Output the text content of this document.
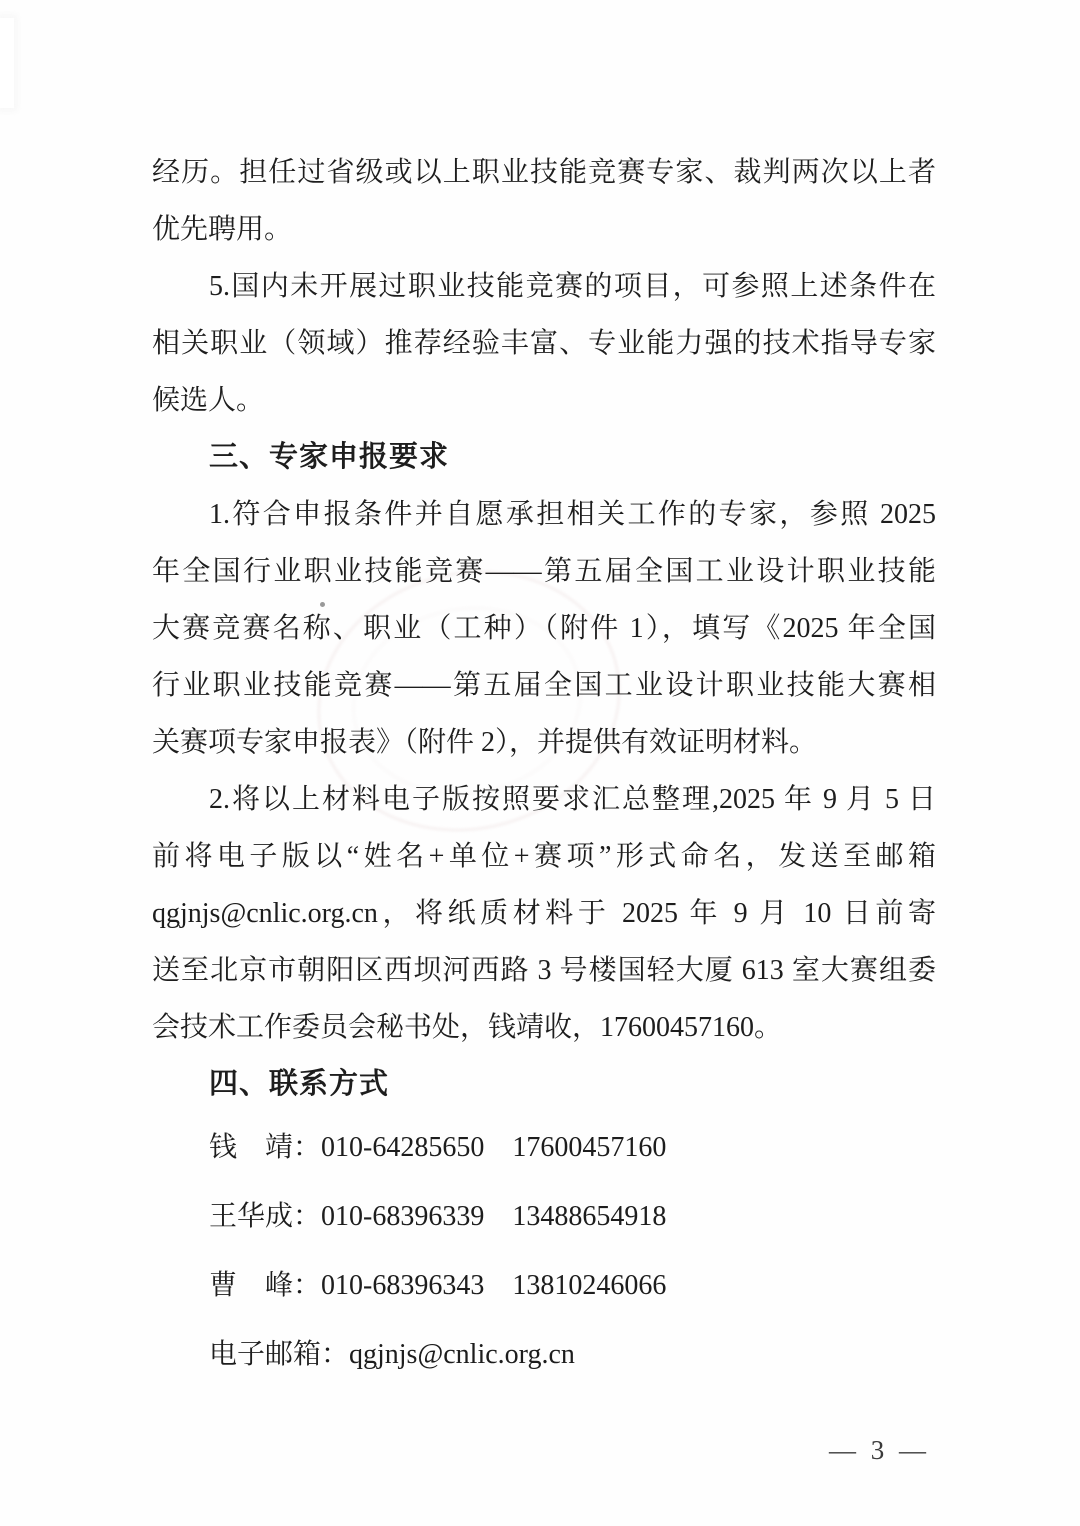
经历。担任过省级或以上职业技能竞赛专家、裁判两次以上者
优先聘用。
5.国内未开展过职业技能竞赛的项目，可参照上述条件在
相关职业（领域）推荐经验丰富、专业能力强的技术指导专家
候选人。
三、专家申报要求
1.符合申报条件并自愿承担相关工作的专家，参照 2025
年全国行业职业技能竞赛——第五届全国工业设计职业技能
大赛竞赛名称、职业（工种）（附件 1），填写《2025 年全国
行业职业技能竞赛——第五届全国工业设计职业技能大赛相
关赛项专家申报表》（附件 2），并提供有效证明材料。
2.将以上材料电子版按照要求汇总整理,2025 年 9 月 5 日
前将电子版以“姓名+单位+赛项”形式命名，发送至邮箱
qgjnjs@cnlic.org.cn，将纸质材料于 2025 年 9 月 10 日前寄
送至北京市朝阳区西坝河西路 3 号楼国轻大厦 613 室大赛组委
会技术工作委员会秘书处，钱靖收，17600457160。
四、联系方式
钱　靖：010-64285650　17600457160
王华成：010-68396339　13488654918
曹　峰：010-68396343　13810246066
电子邮箱：qgjnjs@cnlic.org.cn
— 3 —
